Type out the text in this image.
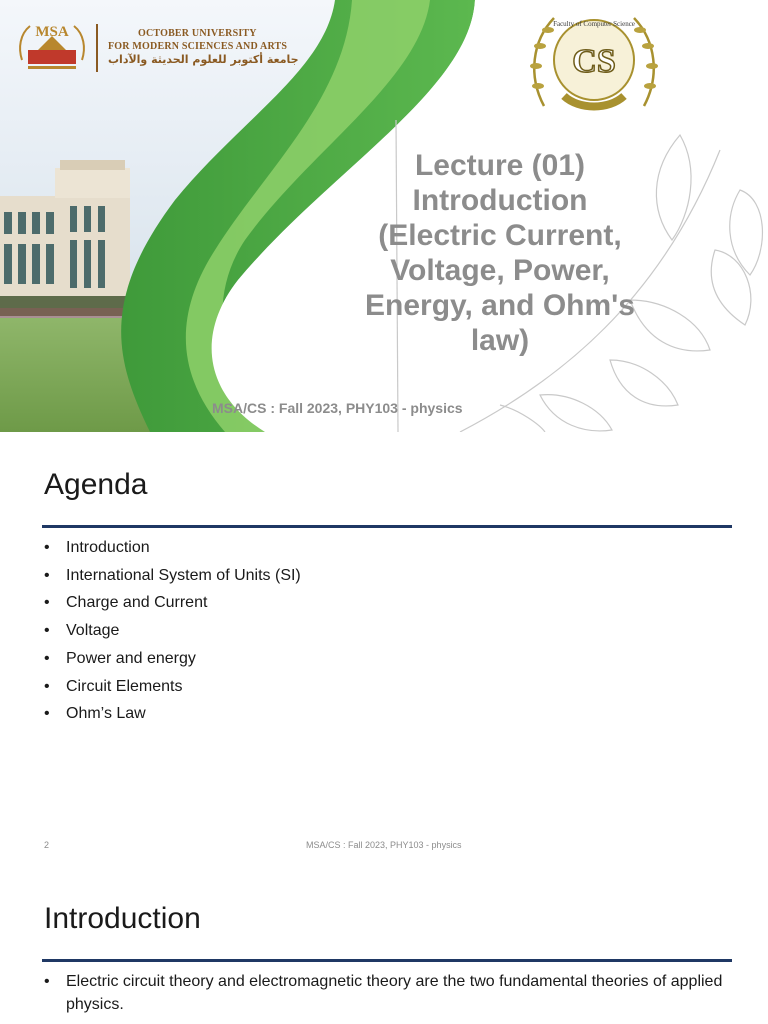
MSA	OCTOBER UNIVERSITY
FOR MODERN SCIENCES AND ARTS
جامعة أكتوبر للعلوم الحديثة والآداب	CS
Faculty of Computer Science
Lecture (01)
Introduction
(Electric Current,
Voltage, Power,
Energy, and Ohm's
law)
MSA/CS : Fall 2023, PHY103 - physics
Agenda
• Introduction
• International System of Units (SI)
• Charge and Current
• Voltage
• Power and energy
• Circuit Elements
• Ohm’s Law
2	MSA/CS : Fall 2023, PHY103 - physics
Introduction
• Electric circuit theory and electromagnetic theory are the two fundamental theories of applied physics.
